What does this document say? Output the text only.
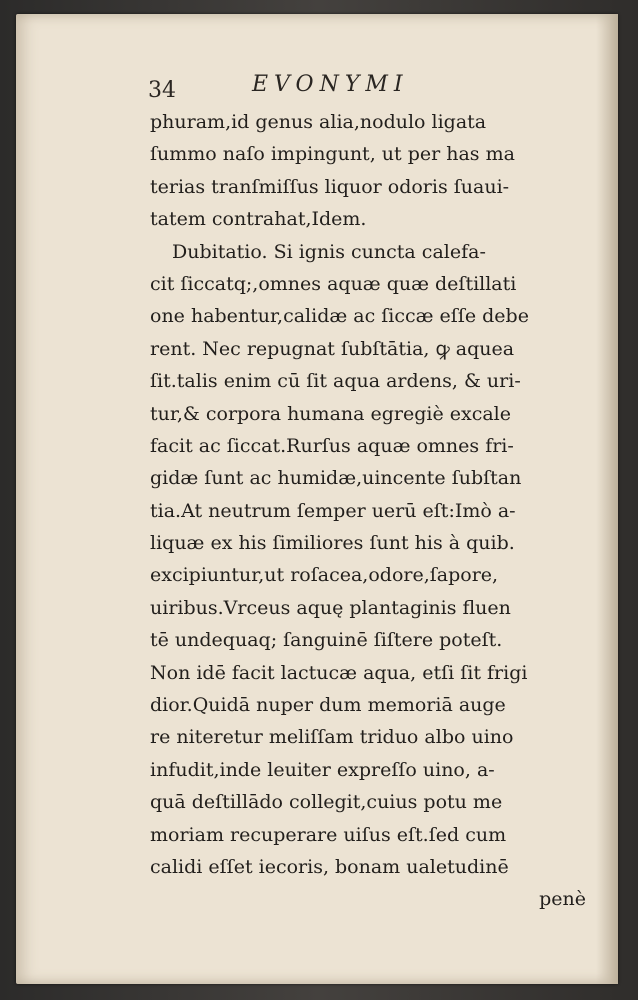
34	EVONYMI
phuram,id genus alia,nodulo ligata
ſummo naſo impingunt, ut per has ma
terias tranſmiſſus liquor odoris ſuaui-
tatem contrahat,Idem.
Dubitatio. Si ignis cuncta calefa-
cit ſiccatq;,omnes aquæ quæ deſtillati
one habentur,calidæ ac ſiccæ eſſe debe
rent. Nec repugnat ſubſtātia, ꝙ aquea
ſit.talis enim cū ſit aqua ardens, & uri-
tur,& corpora humana egregiè excale
facit ac ſiccat.Rurſus aquæ omnes fri-
gidæ ſunt ac humidæ,uincente ſubſtan
tia.At neutrum ſemper uerū eſt:Imò a-
liquæ ex his ſimiliores ſunt his à quib.
excipiuntur,ut roſacea,odore,ſapore,
uiribus.Vrceus aquę plantaginis fluen
tē undequaq; ſanguinē ſiſtere poteſt.
Non idē facit lactucæ aqua, etſi ſit frigi
dior.Quidā nuper dum memoriā auge
re niteretur meliſſam triduo albo uino
infudit,inde leuiter expreſſo uino, a-
quā deſtillādo collegit,cuius potu me
moriam recuperare uiſus eſt.ſed cum
calidi eſſet iecoris, bonam ualetudinē
penè
